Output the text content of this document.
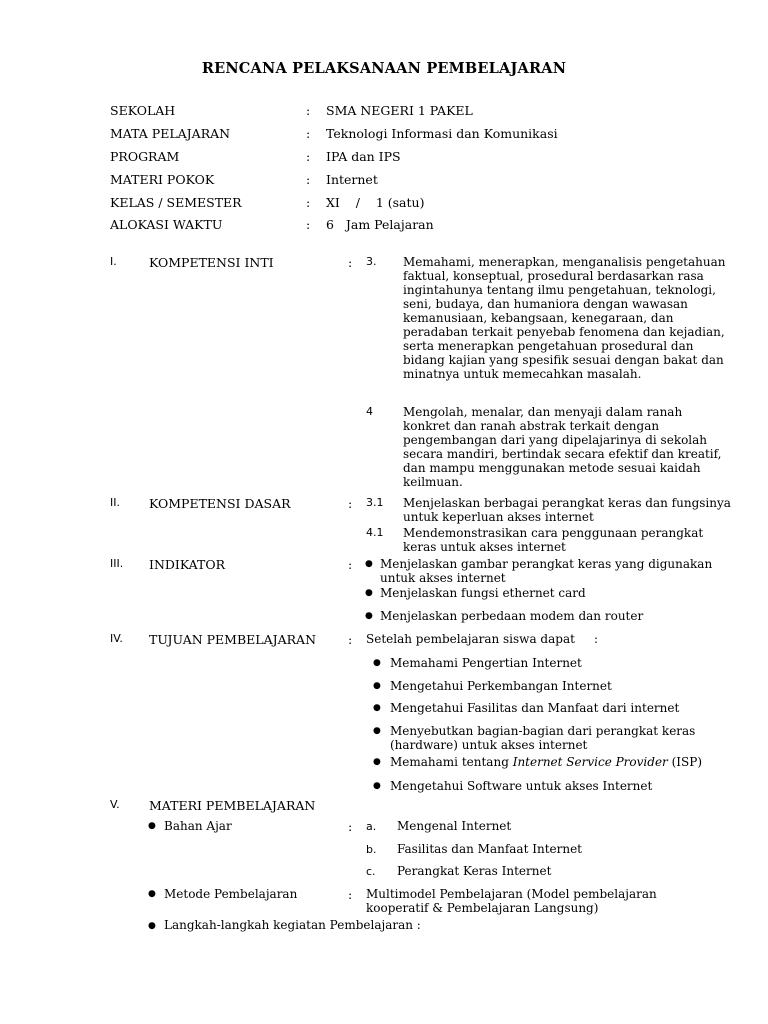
RENCANA PELAKSANAAN PEMBELAJARAN
SEKOLAH	: SMA NEGERI 1 PAKEL
MATA PELAJARAN	: Teknologi Informasi dan Komunikasi
PROGRAM	: IPA dan IPS
MATERI POKOK	: Internet
KELAS / SEMESTER	: XI    /    1 (satu)
ALOKASI WAKTU	: 6   Jam Pelajaran
I.	KOMPETENSI INTI	: 3. Memahami, menerapkan, menganalisis pengetahuan faktual, konseptual, prosedural berdasarkan rasa ingintahunya tentang ilmu pengetahuan, teknologi, seni, budaya, dan humaniora dengan wawasan kemanusiaan, kebangsaan, kenegaraan, dan peradaban terkait penyebab fenomena dan kejadian, serta menerapkan pengetahuan prosedural dan bidang kajian yang spesifik sesuai dengan bakat dan minatnya untuk memecahkan masalah.
4	Mengolah, menalar, dan menyaji dalam ranah konkret dan ranah abstrak terkait dengan pengembangan dari yang dipelajarinya di sekolah secara mandiri, bertindak secara efektif dan kreatif, dan mampu menggunakan metode sesuai kaidah keilmuan.
II. KOMPETENSI DASAR	: 3.1 Menjelaskan berbagai perangkat keras dan fungsinya untuk keperluan akses internet
4.1 Mendemonstrasikan cara penggunaan perangkat keras untuk akses internet
III. INDIKATOR	: ● Menjelaskan gambar perangkat keras yang digunakan untuk akses internet
● Menjelaskan fungsi ethernet card
● Menjelaskan perbedaan modem dan router
IV. TUJUAN PEMBELAJARAN	: Setelah pembelajaran siswa dapat     :
● Memahami Pengertian Internet
● Mengetahui Perkembangan Internet
● Mengetahui Fasilitas dan Manfaat dari internet
● Menyebutkan bagian-bagian dari perangkat keras (hardware) untuk akses internet
● Memahami tentang Internet Service Provider (ISP)
● Mengetahui Software untuk akses Internet
V. MATERI PEMBELAJARAN
● Bahan Ajar	: a. Mengenal Internet
b. Fasilitas dan Manfaat Internet
c. Perangkat Keras Internet
● Metode Pembelajaran	: Multimodel Pembelajaran (Model pembelajaran kooperatif & Pembelajaran Langsung)
● Langkah-langkah kegiatan Pembelajaran :
